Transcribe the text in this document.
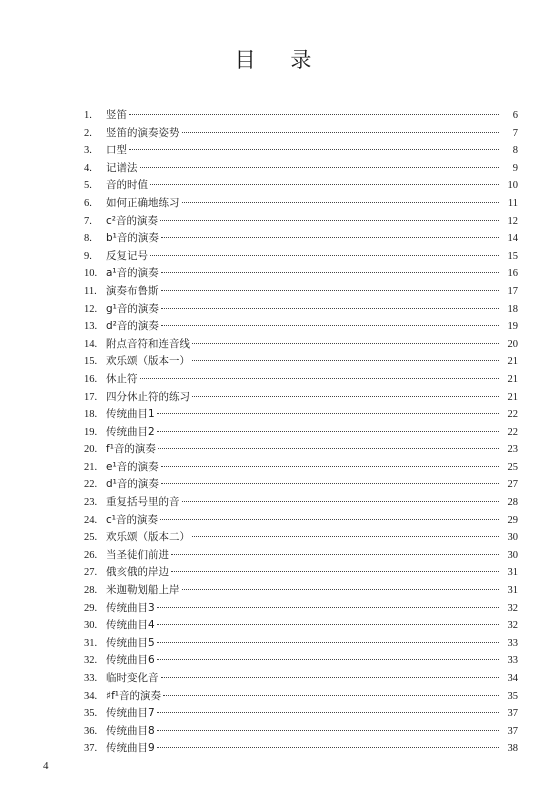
目 录
1.	竖笛	6
2.	竖笛的演奏姿势	7
3.	口型	8
4.	记谱法	9
5.	音的时值	10
6.	如何正确地练习	11
7.	c²音的演奏	12
8.	b¹音的演奏	14
9.	反复记号	15
10. a¹音的演奏	16
11. 演奏布鲁斯	17
12. g¹音的演奏	18
13. d²音的演奏	19
14. 附点音符和连音线	20
15. 欢乐颂（版本一）	21
16. 休止符	21
17. 四分休止符的练习	21
18. 传统曲目1	22
19. 传统曲目2	22
20. f¹音的演奏	23
21. e¹音的演奏	25
22. d¹音的演奏	27
23. 重复括号里的音	28
24. c¹音的演奏	29
25. 欢乐颂（版本二）	30
26. 当圣徒们前进	30
27. 俄亥俄的岸边	31
28. 米迦勒划船上岸	31
29. 传统曲目3	32
30. 传统曲目4	32
31. 传统曲目5	33
32. 传统曲目6	33
33. 临时变化音	34
34. ♯f¹音的演奏	35
35. 传统曲目7	37
36. 传统曲目8	37
37. 传统曲目9	38
4
